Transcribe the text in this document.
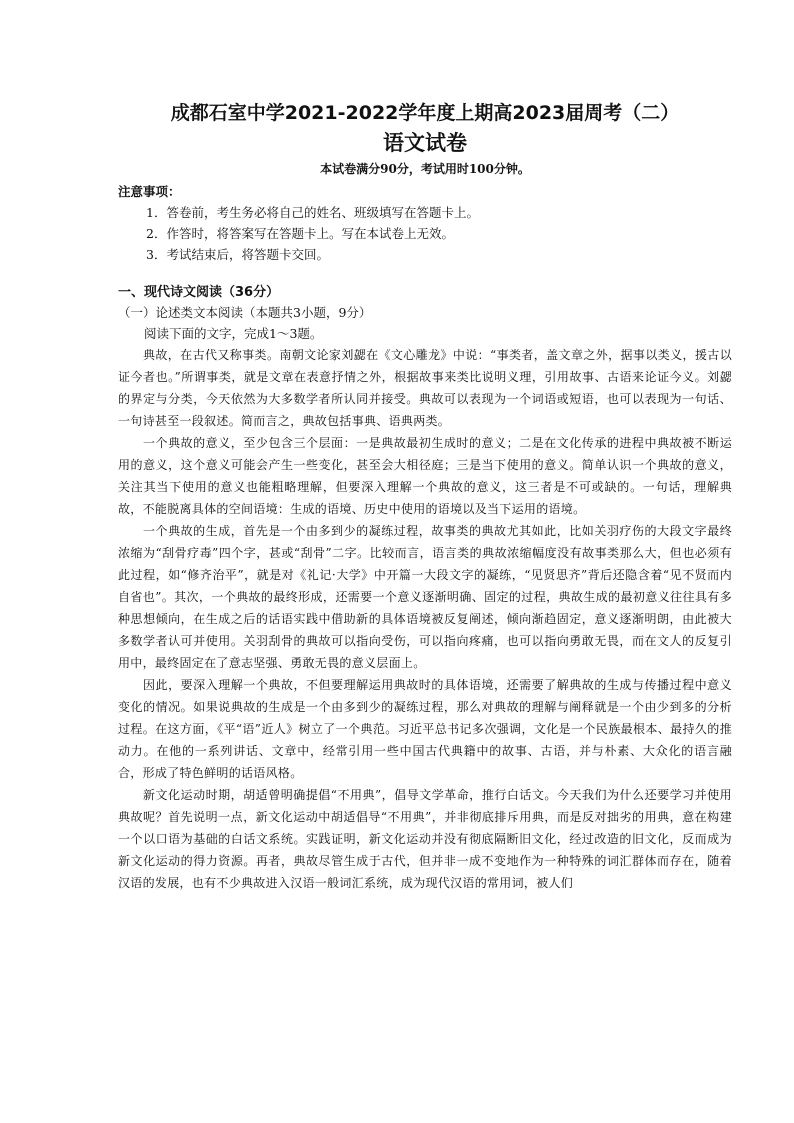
成都石室中学2021-2022学年度上期高2023届周考（二）
语文试卷
本试卷满分90分，考试用时100分钟。
注意事项：
1．答卷前，考生务必将自己的姓名、班级填写在答题卡上。
2．作答时，将答案写在答题卡上。写在本试卷上无效。
3．考试结束后，将答题卡交回。
一、现代诗文阅读（36分）
（一）论述类文本阅读（本题共3小题，9分）
阅读下面的文字，完成1～3题。

典故，在古代又称事类。南朝文论家刘勰在《文心雕龙》中说：“事类者，盖文章之外，据事以类义，援古以证今者也。”所谓事类，就是文章在表意抒情之外，根据故事来类比说明义理，引用故事、古语来论证今义。刘勰的界定与分类，今天依然为大多数学者所认同并接受。典故可以表现为一个词语或短语，也可以表现为一句话、一句诗甚至一段叙述。简而言之，典故包括事典、语典两类。

一个典故的意义，至少包含三个层面：一是典故最初生成时的意义；二是在文化传承的进程中典故被不断运用的意义，这个意义可能会产生一些变化，甚至会大相径庭；三是当下使用的意义。简单认识一个典故的意义，关注其当下使用的意义也能粗略理解，但要深入理解一个典故的意义，这三者是不可或缺的。一句话，理解典故，不能脱离具体的空间语境：生成的语境、历史中使用的语境以及当下运用的语境。

一个典故的生成，首先是一个由多到少的凝练过程，故事类的典故尤其如此，比如关羽疗伤的大段文字最终浓缩为“刮骨疗毒”四个字，甚或“刮骨”二字。比较而言，语言类的典故浓缩幅度没有故事类那么大，但也必须有此过程，如“修齐治平”，就是对《礼记·大学》中开篇一大段文字的凝练，“见贤思齐”背后还隐含着“见不贤而内自省也”。其次，一个典故的最终形成，还需要一个意义逐渐明确、固定的过程，典故生成的最初意义往往具有多种思想倾向，在生成之后的话语实践中借助新的具体语境被反复阐述，倾向渐趋固定，意义逐渐明朗，由此被大多数学者认可并使用。关羽刮骨的典故可以指向受伤，可以指向疼痛，也可以指向勇敢无畏，而在文人的反复引用中，最终固定在了意志坚强、勇敢无畏的意义层面上。

因此，要深入理解一个典故，不但要理解运用典故时的具体语境，还需要了解典故的生成与传播过程中意义变化的情况。如果说典故的生成是一个由多到少的凝练过程，那么对典故的理解与阐释就是一个由少到多的分析过程。在这方面，《平“语”近人》树立了一个典范。习近平总书记多次强调，文化是一个民族最根本、最持久的推动力。在他的一系列讲话、文章中，经常引用一些中国古代典籍中的故事、古语，并与朴素、大众化的语言融合，形成了特色鲜明的话语风格。

新文化运动时期，胡适曾明确提倡“不用典”，倡导文学革命，推行白话文。今天我们为什么还要学习并使用典故呢？首先说明一点，新文化运动中胡适倡导“不用典”，并非彻底排斥用典，而是反对拙劣的用典，意在构建一个以口语为基础的白话文系统。实践证明，新文化运动并没有彻底隔断旧文化，经过改造的旧文化，反而成为新文化运动的得力资源。再者，典故尽管生成于古代，但并非一成不变地作为一种特殊的词汇群体而存在，随着汉语的发展，也有不少典故进入汉语一般词汇系统，成为现代汉语的常用词，被人们
